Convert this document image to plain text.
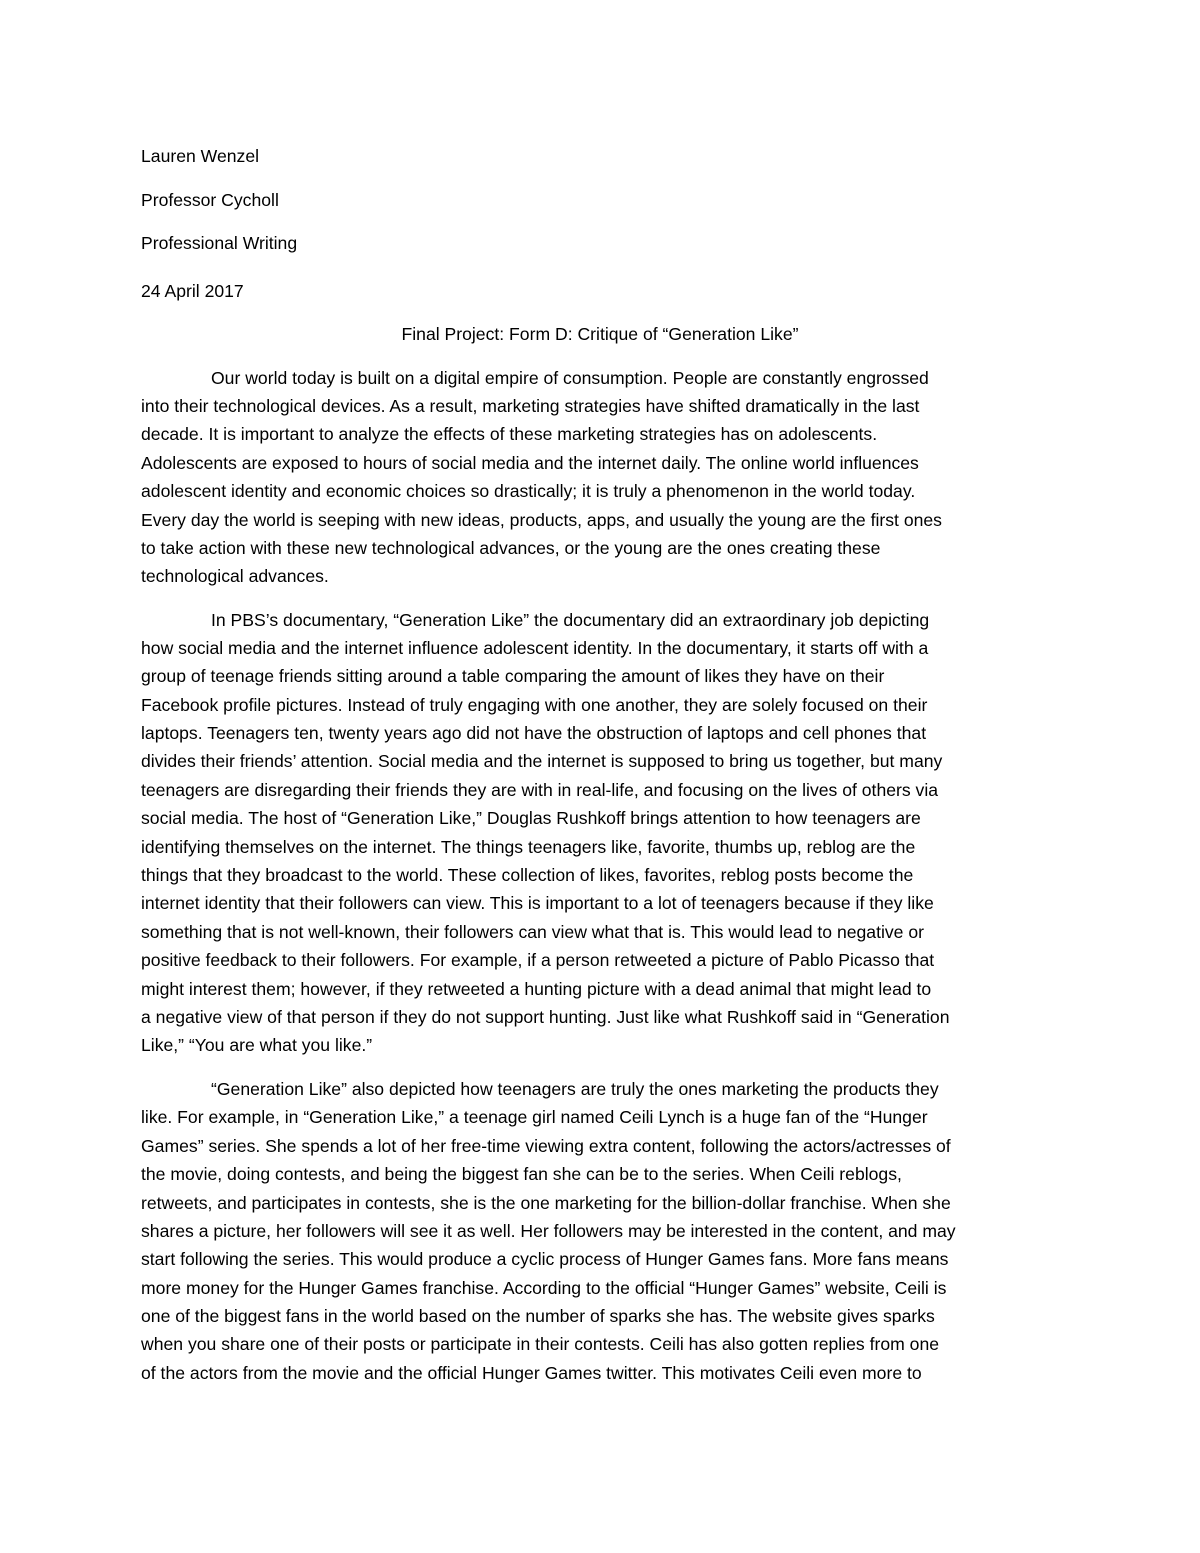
Lauren Wenzel
Professor Cycholl
Professional Writing
24 April 2017
Final Project: Form D: Critique of “Generation Like”
Our world today is built on a digital empire of consumption. People are constantly engrossed
into their technological devices. As a result, marketing strategies have shifted dramatically in the last
decade. It is important to analyze the effects of these marketing strategies has on adolescents.
Adolescents are exposed to hours of social media and the internet daily. The online world influences
adolescent identity and economic choices so drastically; it is truly a phenomenon in the world today.
Every day the world is seeping with new ideas, products, apps, and usually the young are the first ones
to take action with these new technological advances, or the young are the ones creating these
technological advances.
In PBS’s documentary, “Generation Like” the documentary did an extraordinary job depicting
how social media and the internet influence adolescent identity. In the documentary, it starts off with a
group of teenage friends sitting around a table comparing the amount of likes they have on their
Facebook profile pictures. Instead of truly engaging with one another, they are solely focused on their
laptops. Teenagers ten, twenty years ago did not have the obstruction of laptops and cell phones that
divides their friends’ attention. Social media and the internet is supposed to bring us together, but many
teenagers are disregarding their friends they are with in real-life, and focusing on the lives of others via
social media. The host of “Generation Like,” Douglas Rushkoff brings attention to how teenagers are
identifying themselves on the internet. The things teenagers like, favorite, thumbs up, reblog are the
things that they broadcast to the world. These collection of likes, favorites, reblog posts become the
internet identity that their followers can view. This is important to a lot of teenagers because if they like
something that is not well-known, their followers can view what that is. This would lead to negative or
positive feedback to their followers. For example, if a person retweeted a picture of Pablo Picasso that
might interest them; however, if they retweeted a hunting picture with a dead animal that might lead to
a negative view of that person if they do not support hunting. Just like what Rushkoff said in “Generation
Like,” “You are what you like.”
“Generation Like” also depicted how teenagers are truly the ones marketing the products they
like. For example, in “Generation Like,” a teenage girl named Ceili Lynch is a huge fan of the “Hunger
Games” series. She spends a lot of her free-time viewing extra content, following the actors/actresses of
the movie, doing contests, and being the biggest fan she can be to the series. When Ceili reblogs,
retweets, and participates in contests, she is the one marketing for the billion-dollar franchise. When she
shares a picture, her followers will see it as well. Her followers may be interested in the content, and may
start following the series. This would produce a cyclic process of Hunger Games fans. More fans means
more money for the Hunger Games franchise. According to the official “Hunger Games” website, Ceili is
one of the biggest fans in the world based on the number of sparks she has. The website gives sparks
when you share one of their posts or participate in their contests. Ceili has also gotten replies from one
of the actors from the movie and the official Hunger Games twitter. This motivates Ceili even more to
